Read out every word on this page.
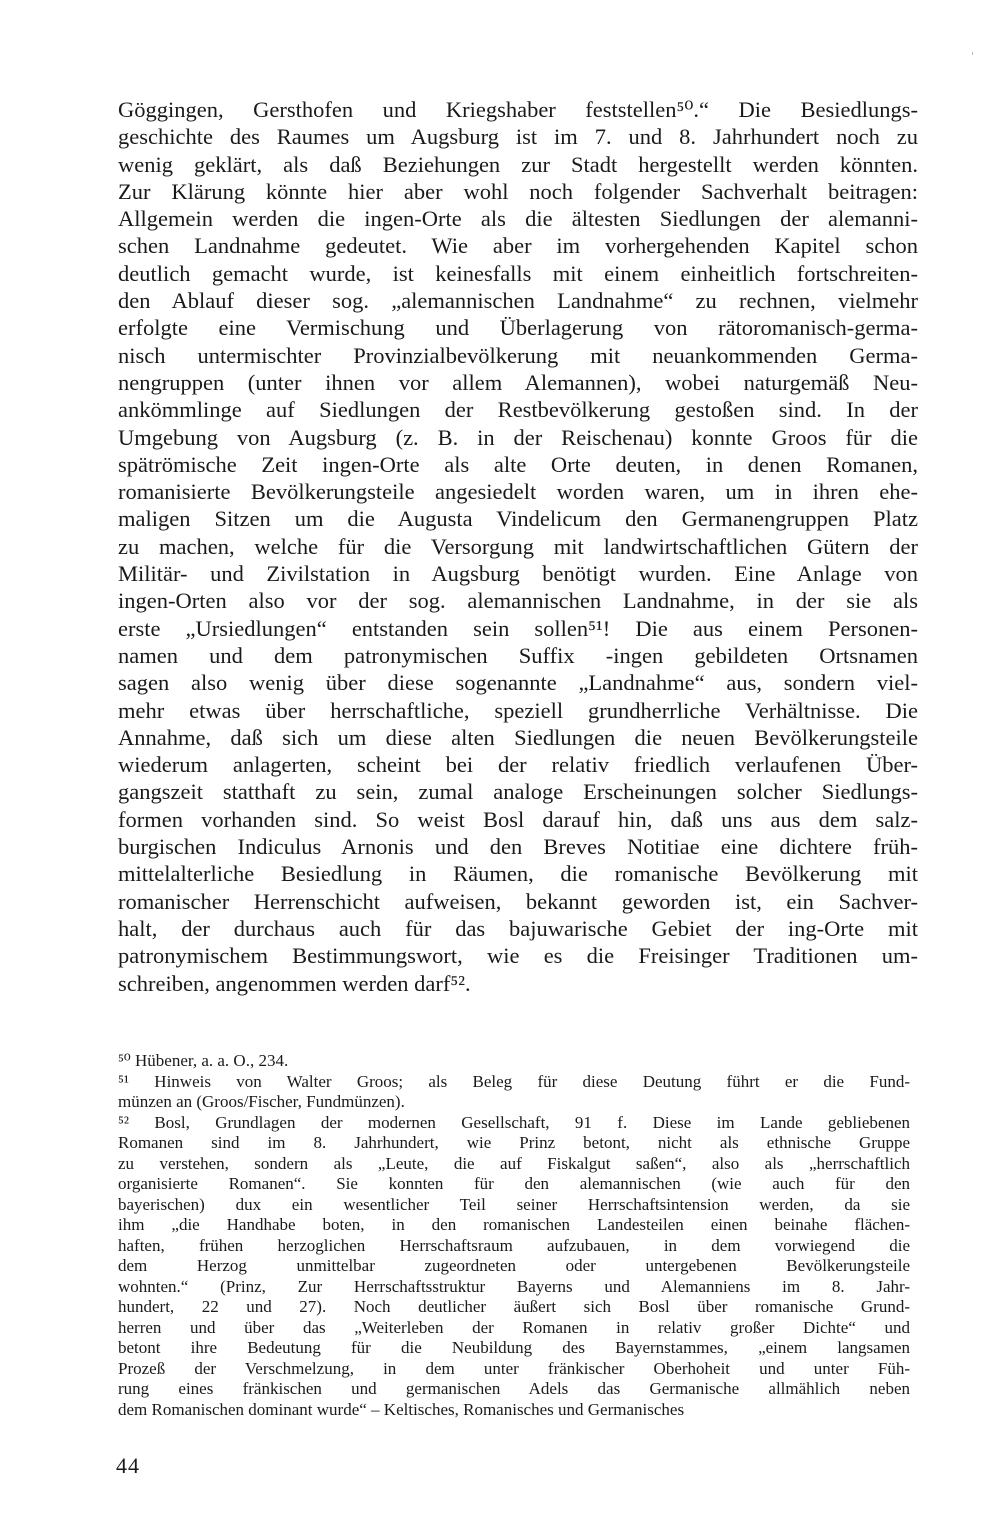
Göggingen, Gersthofen und Kriegshaber feststellen⁵⁰.“ Die Besiedlungs-
geschichte des Raumes um Augsburg ist im 7. und 8. Jahrhundert noch zu
wenig geklärt, als daß Beziehungen zur Stadt hergestellt werden könnten.
Zur Klärung könnte hier aber wohl noch folgender Sachverhalt beitragen:
Allgemein werden die ingen-Orte als die ältesten Siedlungen der alemanni-
schen Landnahme gedeutet. Wie aber im vorhergehenden Kapitel schon
deutlich gemacht wurde, ist keinesfalls mit einem einheitlich fortschreiten-
den Ablauf dieser sog. „alemannischen Landnahme“ zu rechnen, vielmehr
erfolgte eine Vermischung und Überlagerung von rätoromanisch-germa-
nisch untermischter Provinzialbevölkerung mit neuankommenden Germa-
nengruppen (unter ihnen vor allem Alemannen), wobei naturgemäß Neu-
ankömmlinge auf Siedlungen der Restbevölkerung gestoßen sind. In der
Umgebung von Augsburg (z. B. in der Reischenau) konnte Groos für die
spätrömische Zeit ingen-Orte als alte Orte deuten, in denen Romanen,
romanisierte Bevölkerungsteile angesiedelt worden waren, um in ihren ehe-
maligen Sitzen um die Augusta Vindelicum den Germanengruppen Platz
zu machen, welche für die Versorgung mit landwirtschaftlichen Gütern der
Militär- und Zivilstation in Augsburg benötigt wurden. Eine Anlage von
ingen-Orten also vor der sog. alemannischen Landnahme, in der sie als
erste „Ursiedlungen“ entstanden sein sollen⁵¹! Die aus einem Personen-
namen und dem patronymischen Suffix -ingen gebildeten Ortsnamen
sagen also wenig über diese sogenannte „Landnahme“ aus, sondern viel-
mehr etwas über herrschaftliche, speziell grundherrliche Verhältnisse. Die
Annahme, daß sich um diese alten Siedlungen die neuen Bevölkerungsteile
wiederum anlagerten, scheint bei der relativ friedlich verlaufenen Über-
gangszeit statthaft zu sein, zumal analoge Erscheinungen solcher Siedlungs-
formen vorhanden sind. So weist Bosl darauf hin, daß uns aus dem salz-
burgischen Indiculus Arnonis und den Breves Notitiae eine dichtere früh-
mittelalterliche Besiedlung in Räumen, die romanische Bevölkerung mit
romanischer Herrenschicht aufweisen, bekannt geworden ist, ein Sachver-
halt, der durchaus auch für das bajuwarische Gebiet der ing-Orte mit
patronymischem Bestimmungswort, wie es die Freisinger Traditionen um-
schreiben, angenommen werden darf⁵².
⁵⁰ Hübener, a. a. O., 234.
⁵¹ Hinweis von Walter Groos; als Beleg für diese Deutung führt er die Fund-
münzen an (Groos/Fischer, Fundmünzen).
⁵² Bosl, Grundlagen der modernen Gesellschaft, 91 f. Diese im Lande gebliebenen
Romanen sind im 8. Jahrhundert, wie Prinz betont, nicht als ethnische Gruppe
zu verstehen, sondern als „Leute, die auf Fiskalgut saßen“, also als „herrschaftlich
organisierte Romanen“. Sie konnten für den alemannischen (wie auch für den
bayerischen) dux ein wesentlicher Teil seiner Herrschaftsintension werden, da sie
ihm „die Handhabe boten, in den romanischen Landesteilen einen beinahe flächen-
haften, frühen herzoglichen Herrschaftsraum aufzubauen, in dem vorwiegend die
dem Herzog unmittelbar zugeordneten oder untergebenen Bevölkerungsteile
wohnten.“ (Prinz, Zur Herrschaftsstruktur Bayerns und Alemanniens im 8. Jahr-
hundert, 22 und 27). Noch deutlicher äußert sich Bosl über romanische Grund-
herren und über das „Weiterleben der Romanen in relativ großer Dichte“ und
betont ihre Bedeutung für die Neubildung des Bayernstammes, „einem langsamen
Prozeß der Verschmelzung, in dem unter fränkischer Oberhoheit und unter Füh-
rung eines fränkischen und germanischen Adels das Germanische allmählich neben
dem Romanischen dominant wurde“ – Keltisches, Romanisches und Germanisches
44
